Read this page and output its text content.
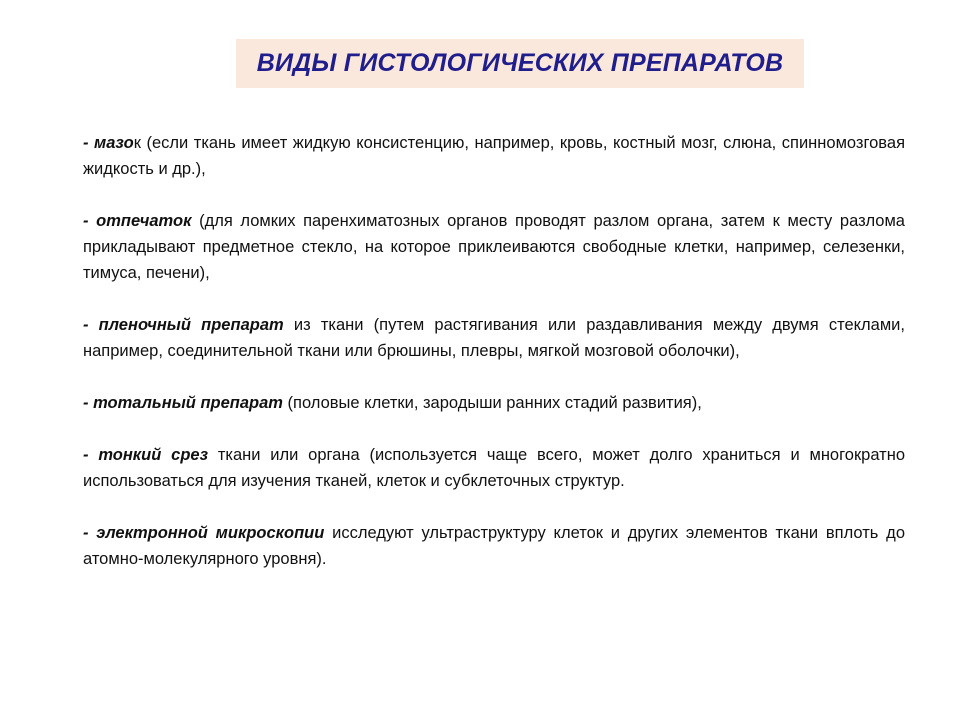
ВИДЫ ГИСТОЛОГИЧЕСКИХ ПРЕПАРАТОВ

- мазок (если ткань имеет жидкую консистенцию, например, кровь, костный мозг, слюна, спинномозговая жидкость и др.),

- отпечаток (для ломких паренхиматозных органов проводят разлом органа, затем к месту разлома прикладывают предметное стекло, на которое приклеиваются свободные клетки, например, селезенки, тимуса, печени),

- пленочный препарат из ткани (путем растягивания или раздавливания между двумя стеклами, например, соединительной ткани или брюшины, плевры, мягкой мозговой оболочки),

- тотальный препарат (половые клетки, зародыши ранних стадий развития),

- тонкий срез ткани или органа (используется чаще всего, может долго храниться и многократно использоваться для изучения тканей, клеток и субклеточных структур.

- электронной микроскопии исследуют ультраструктуру клеток и других элементов ткани вплоть до атомно-молекулярного уровня).
